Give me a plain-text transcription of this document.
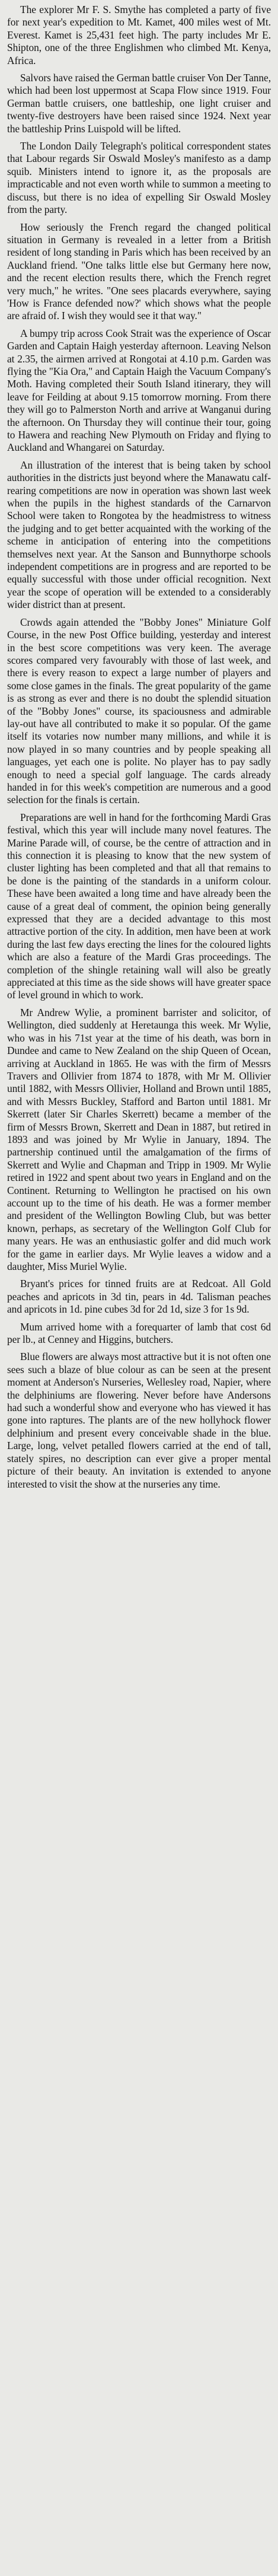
The explorer Mr F. S. Smythe has completed a party of five for next year's expedition to Mt. Kamet, 400 miles west of Mt. Everest. Kamet is 25,431 feet high. The party includes Mr E. Shipton, one of the three Englishmen who climbed Mt. Kenya, Africa.

Salvors have raised the German battle cruiser Von Der Tanne, which had been lost uppermost at Scapa Flow since 1919. Four German battle cruisers, one battleship, one light cruiser and twenty-five destroyers have been raised since 1924. Next year the battleship Prins Luispold will be lifted.

The London Daily Telegraph's political correspondent states that Labour regards Sir Oswald Mosley's manifesto as a damp squib. Ministers intend to ignore it, as the proposals are impracticable and not even worth while to summon a meeting to discuss, but there is no idea of expelling Sir Oswald Mosley from the party.

How seriously the French regard the changed political situation in Germany is revealed in a letter from a British resident of long standing in Paris which has been received by an Auckland friend. "One talks little else but Germany here now, and the recent election results there, which the French regret very much," he writes. "One sees placards everywhere, saying 'How is France defended now?' which shows what the people are afraid of. I wish they would see it that way."

A bumpy trip across Cook Strait was the experience of Oscar Garden and Captain Haigh yesterday afternoon. Leaving Nelson at 2.35, the airmen arrived at Rongotai at 4.10 p.m. Garden was flying the "Kia Ora," and Captain Haigh the Vacuum Company's Moth. Having completed their South Island itinerary, they will leave for Feilding at about 9.15 tomorrow morning. From there they will go to Palmerston North and arrive at Wanganui during the afternoon. On Thursday they will continue their tour, going to Hawera and reaching New Plymouth on Friday and flying to Auckland and Whangarei on Saturday.

An illustration of the interest that is being taken by school authorities in the districts just beyond where the Manawatu calf-rearing competitions are now in operation was shown last week when the pupils in the highest standards of the Carnarvon School were taken to Rongotea by the headmistress to witness the judging and to get better acquainted with the working of the scheme in anticipation of entering into the competitions themselves next year. At the Sanson and Bunnythorpe schools independent competitions are in progress and are reported to be equally successful with those under official recognition. Next year the scope of operation will be extended to a considerably wider district than at present.

Crowds again attended the "Bobby Jones" Miniature Golf Course, in the new Post Office building, yesterday and interest in the best score competitions was very keen. The average scores compared very favourably with those of last week, and there is every reason to expect a large number of players and some close games in the finals. The great popularity of the game is as strong as ever and there is no doubt the splendid situation of the "Bobby Jones" course, its spaciousness and admirable lay-out have all contributed to make it so popular. Of the game itself its votaries now number many millions, and while it is now played in so many countries and by people speaking all languages, yet each one is polite. No player has to pay sadly enough to need a special golf language. The cards already handed in for this week's competition are numerous and a good selection for the finals is certain.

Preparations are well in hand for the forthcoming Mardi Gras festival, which this year will include many novel features. The Marine Parade will, of course, be the centre of attraction and in this connection it is pleasing to know that the new system of cluster lighting has been completed and that all that remains to be done is the painting of the standards in a uniform colour. These have been awaited a long time and have already been the cause of a great deal of comment, the opinion being generally expressed that they are a decided advantage to this most attractive portion of the city. In addition, men have been at work during the last few days erecting the lines for the coloured lights which are also a feature of the Mardi Gras proceedings. The completion of the shingle retaining wall will also be greatly appreciated at this time as the side shows will have greater space of level ground in which to work.

Mr Andrew Wylie, a prominent barrister and solicitor, of Wellington, died suddenly at Heretaunga this week. Mr Wylie, who was in his 71st year at the time of his death, was born in Dundee and came to New Zealand on the ship Queen of Ocean, arriving at Auckland in 1865. He was with the firm of Messrs Travers and Ollivier from 1874 to 1878, with Mr M. Ollivier until 1882, with Messrs Ollivier, Holland and Brown until 1885, and with Messrs Buckley, Stafford and Barton until 1881. Mr Skerrett (later Sir Charles Skerrett) became a member of the firm of Messrs Brown, Skerrett and Dean in 1887, but retired in 1893 and was joined by Mr Wylie in January, 1894. The partnership continued until the amalgamation of the firms of Skerrett and Wylie and Chapman and Tripp in 1909. Mr Wylie retired in 1922 and spent about two years in England and on the Continent. Returning to Wellington he practised on his own account up to the time of his death. He was a former member and president of the Wellington Bowling Club, but was better known, perhaps, as secretary of the Wellington Golf Club for many years. He was an enthusiastic golfer and did much work for the game in earlier days. Mr Wylie leaves a widow and a daughter, Miss Muriel Wylie.

Bryant's prices for tinned fruits are at Redcoat. All Gold peaches and apricots in 3d tin, pears in 4d. Talisman peaches and apricots in 1d. pine cubes 3d for 2d 1d, size 3 for 1s 9d.

Mum arrived home with a forequarter of lamb that cost 6d per lb., at Cenney and Higgins, butchers.

Blue flowers are always most attractive but it is not often one sees such a blaze of blue colour as can be seen at the present moment at Anderson's Nurseries, Wellesley road, Napier, where the delphiniums are flowering. Never before have Andersons had such a wonderful show and everyone who has viewed it has gone into raptures. The plants are of the new hollyhock flower delphinium and present every conceivable shade in the blue. Large, long, velvet petalled flowers carried at the end of tall, stately spires, no description can ever give a proper mental picture of their beauty. An invitation is extended to anyone interested to visit the show at the nurseries any time.
